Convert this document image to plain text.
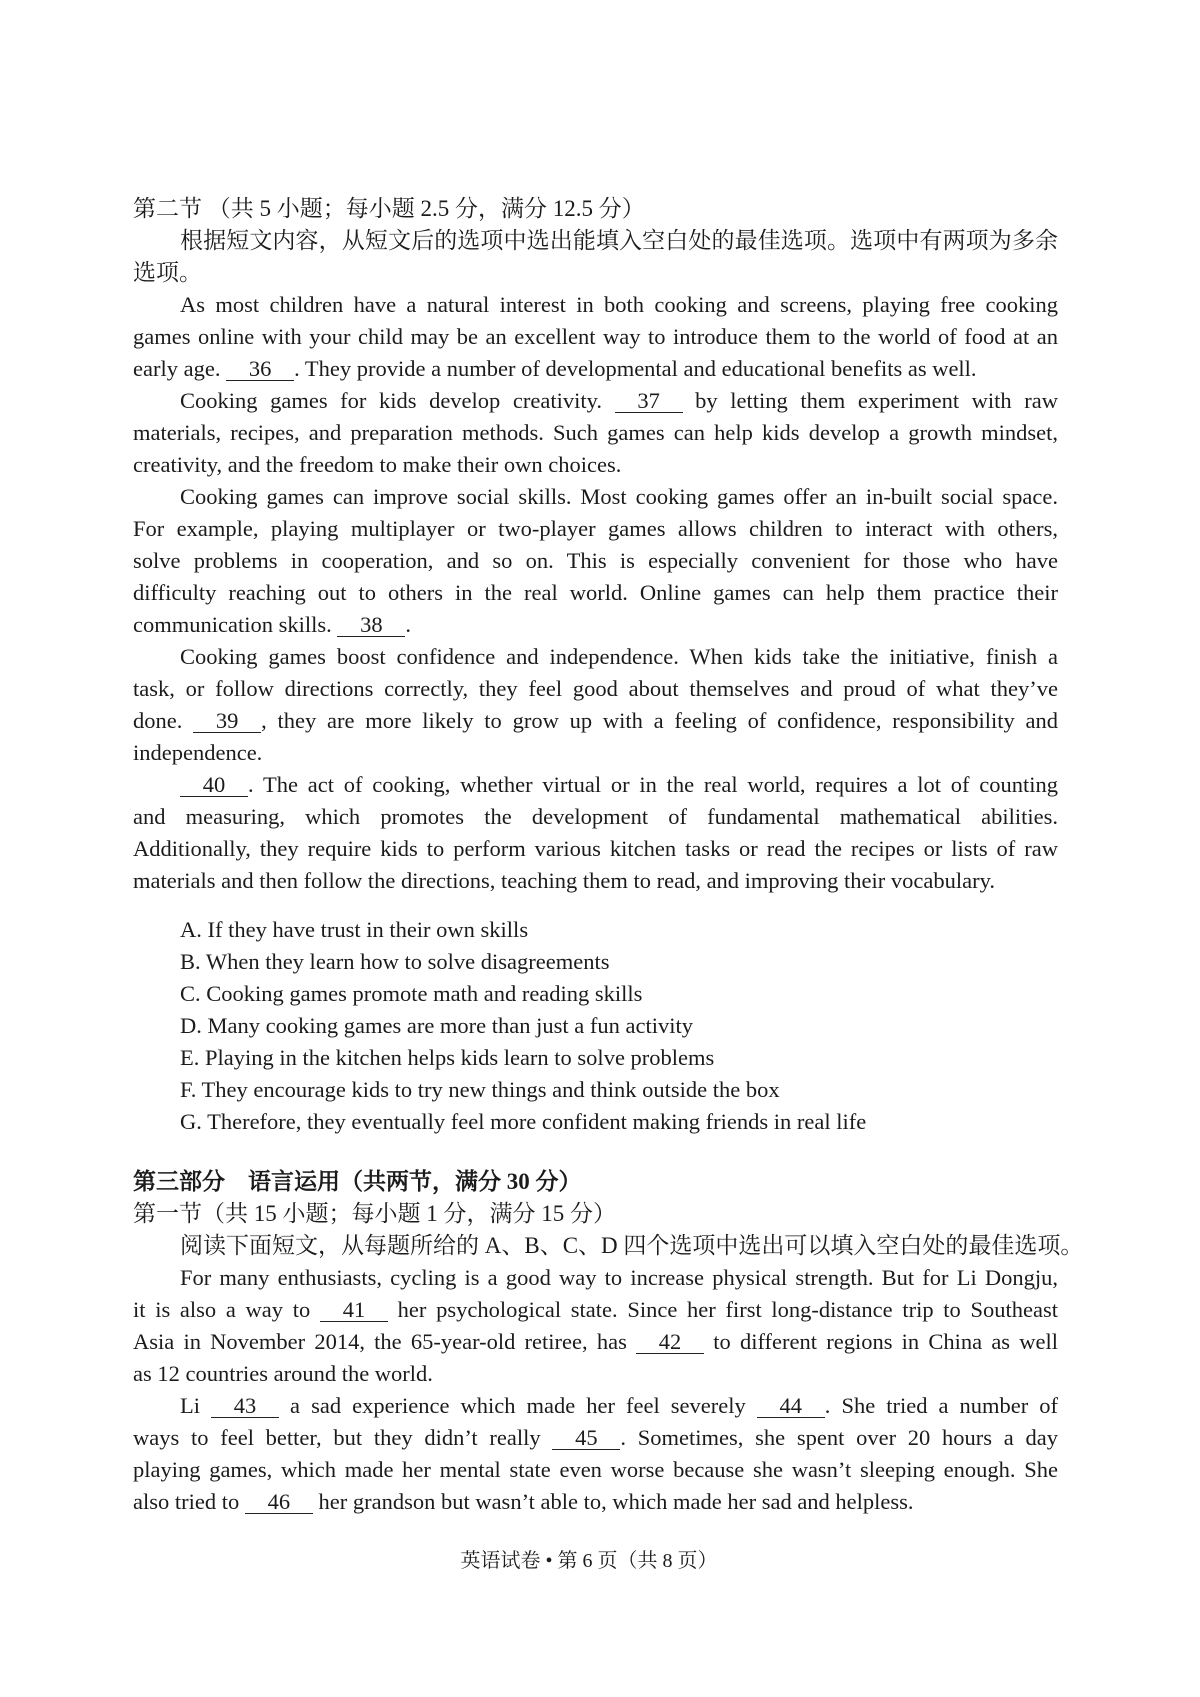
第二节 （共 5 小题；每小题 2.5 分，满分 12.5 分）
根据短文内容，从短文后的选项中选出能填入空白处的最佳选项。选项中有两项为多余
选项。
As most children have a natural interest in both cooking and screens, playing free cooking
games online with your child may be an excellent way to introduce them to the world of food at an
early age. 36 . They provide a number of developmental and educational benefits as well.
Cooking games for kids develop creativity. 37 by letting them experiment with raw
materials, recipes, and preparation methods. Such games can help kids develop a growth mindset,
creativity, and the freedom to make their own choices.
Cooking games can improve social skills. Most cooking games offer an in-built social space.
For example, playing multiplayer or two-player games allows children to interact with others,
solve problems in cooperation, and so on. This is especially convenient for those who have
difficulty reaching out to others in the real world. Online games can help them practice their
communication skills. 38 .
Cooking games boost confidence and independence. When kids take the initiative, finish a
task, or follow directions correctly, they feel good about themselves and proud of what they’ve
done. 39 , they are more likely to grow up with a feeling of confidence, responsibility and
independence.
40 . The act of cooking, whether virtual or in the real world, requires a lot of counting
and measuring, which promotes the development of fundamental mathematical abilities.
Additionally, they require kids to perform various kitchen tasks or read the recipes or lists of raw
materials and then follow the directions, teaching them to read, and improving their vocabulary.
A. If they have trust in their own skills
B. When they learn how to solve disagreements
C. Cooking games promote math and reading skills
D. Many cooking games are more than just a fun activity
E. Playing in the kitchen helps kids learn to solve problems
F. They encourage kids to try new things and think outside the box
G. Therefore, they eventually feel more confident making friends in real life
第三部分　语言运用（共两节，满分 30 分）
第一节（共 15 小题；每小题 1 分，满分 15 分）
阅读下面短文，从每题所给的 A、B、C、D 四个选项中选出可以填入空白处的最佳选项。
For many enthusiasts, cycling is a good way to increase physical strength. But for Li Dongju,
it is also a way to 41 her psychological state. Since her first long-distance trip to Southeast
Asia in November 2014, the 65-year-old retiree, has 42 to different regions in China as well
as 12 countries around the world.
Li 43 a sad experience which made her feel severely 44 . She tried a number of
ways to feel better, but they didn’t really 45 . Sometimes, she spent over 20 hours a day
playing games, which made her mental state even worse because she wasn’t sleeping enough. She
also tried to 46 her grandson but wasn’t able to, which made her sad and helpless.
英语试卷 • 第 6 页（共 8 页）
